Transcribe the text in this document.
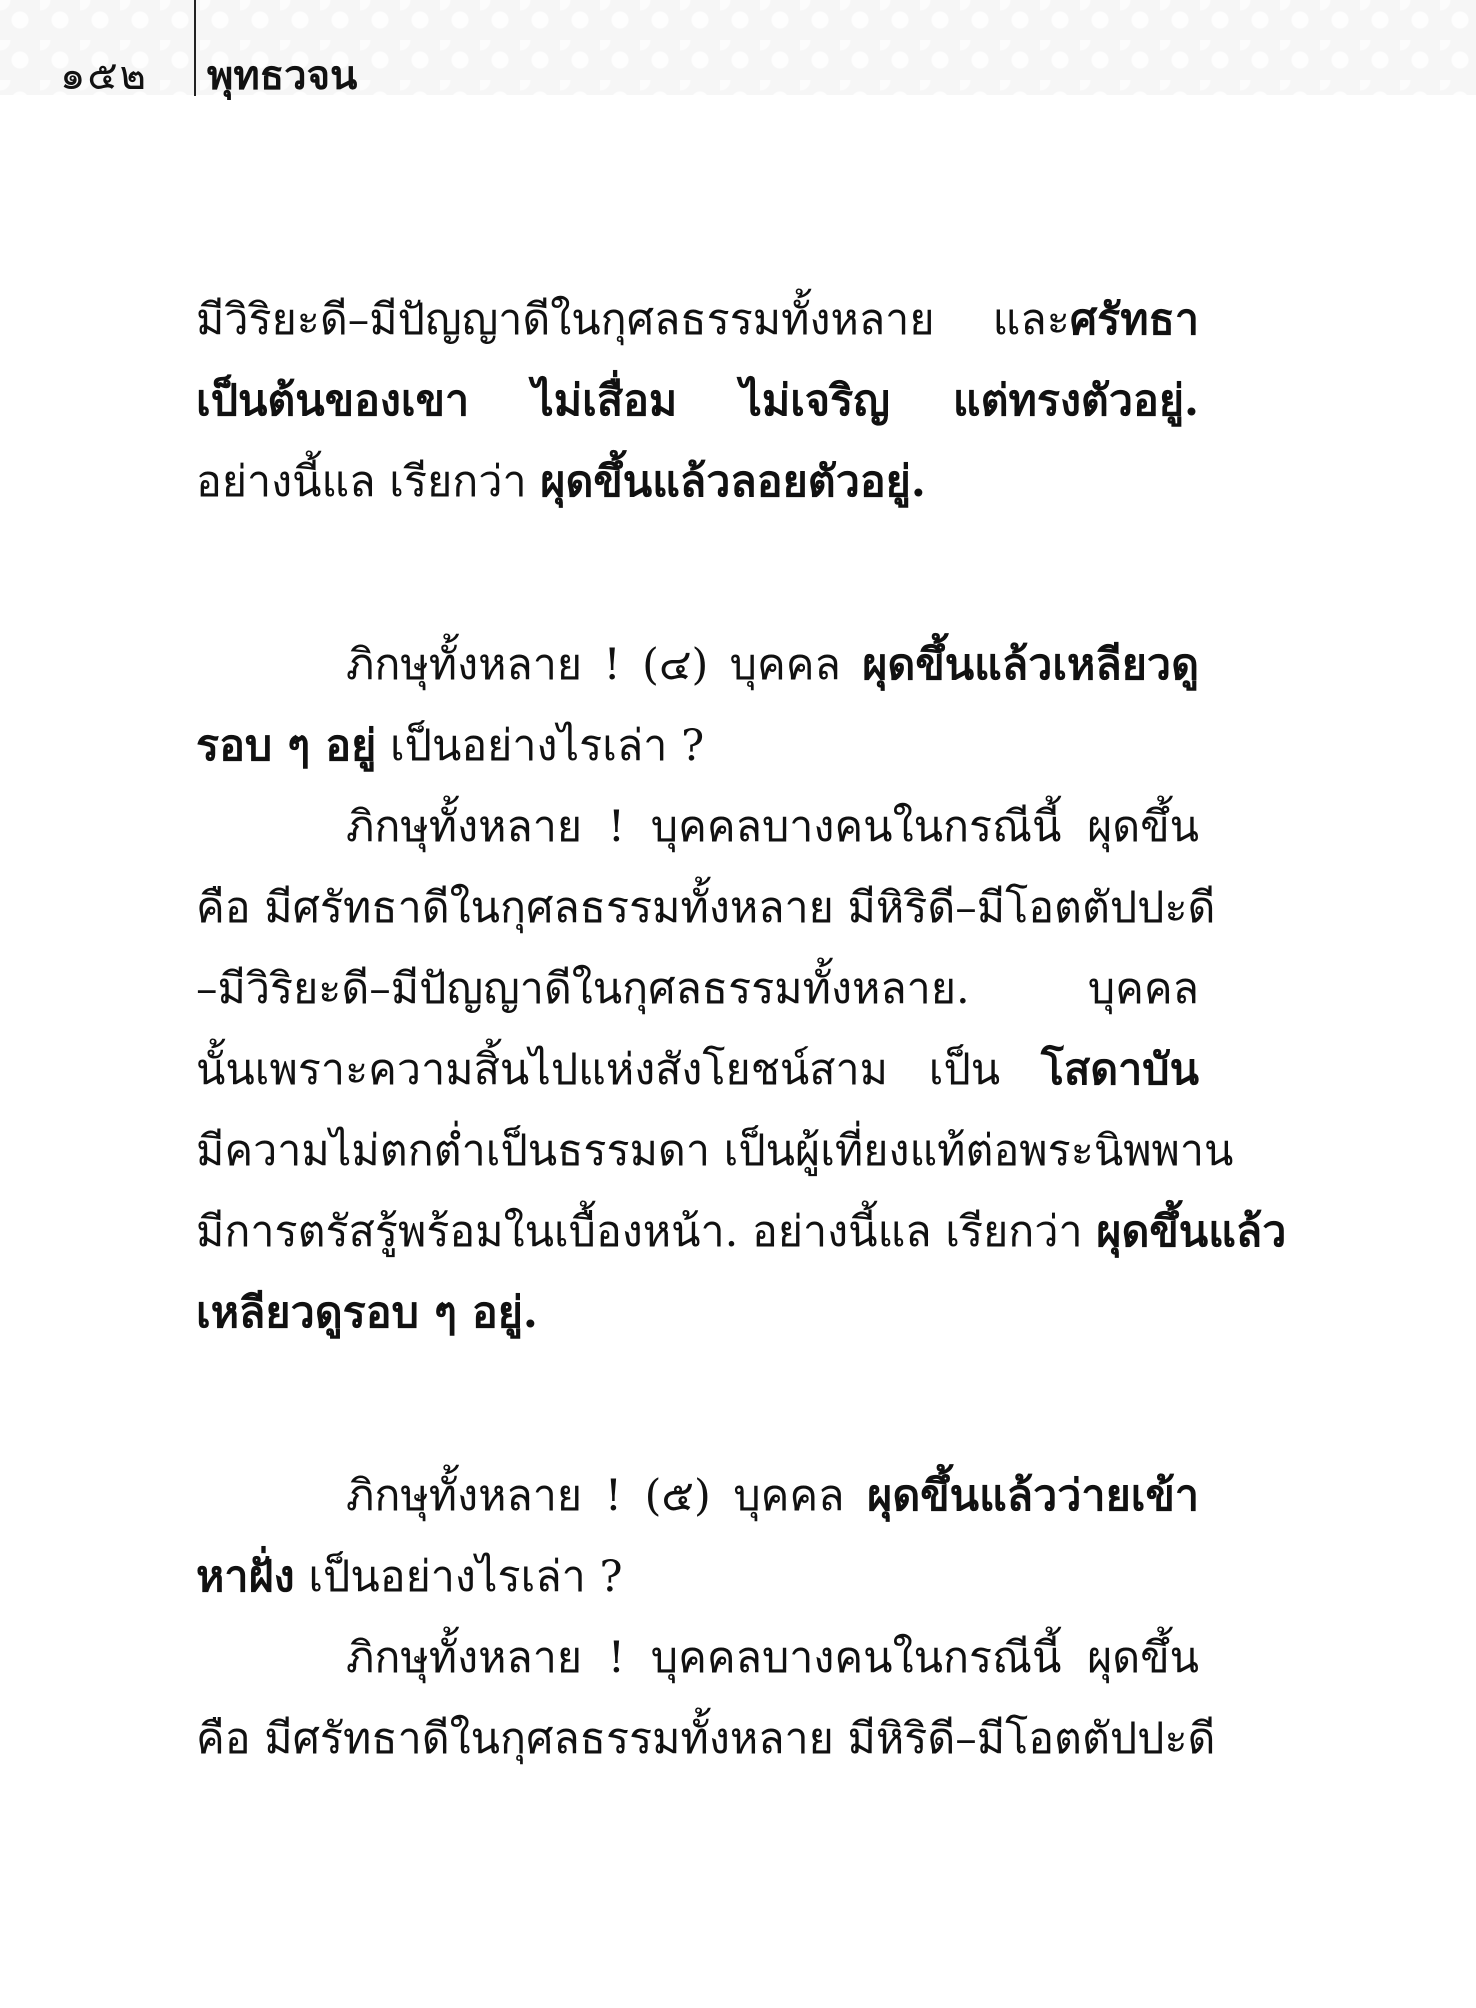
๑๕๒ พุทธวจน
มีวิริยะดี–มีปัญญาดีในกุศลธรรมทั้งหลาย และศรัทธา
เป็นต้นของเขา ไม่เสื่อม ไม่เจริญ แต่ทรงตัวอยู่.
อย่างนี้แล เรียกว่า ผุดขึ้นแล้วลอยตัวอยู่.
ภิกษุทั้งหลาย ! (๔) บุคคล ผุดขึ้นแล้วเหลียวดู
รอบ ๆ อยู่ เป็นอย่างไรเล่า ?
ภิกษุทั้งหลาย ! บุคคลบางคนในกรณีนี้ ผุดขึ้น
คือ มีศรัทธาดีในกุศลธรรมทั้งหลาย มีหิริดี–มีโอตตัปปะดี
–มีวิริยะดี–มีปัญญาดีในกุศลธรรมทั้งหลาย. บุคคล
นั้นเพราะความสิ้นไปแห่งสังโยชน์สาม เป็น โสดาบัน
มีความไม่ตกต่ำเป็นธรรมดา เป็นผู้เที่ยงแท้ต่อพระนิพพาน
มีการตรัสรู้พร้อมในเบื้องหน้า. อย่างนี้แล เรียกว่า ผุดขึ้นแล้ว
เหลียวดูรอบ ๆ อยู่.
ภิกษุทั้งหลาย ! (๕) บุคคล ผุดขึ้นแล้วว่ายเข้า
หาฝั่ง เป็นอย่างไรเล่า ?
ภิกษุทั้งหลาย ! บุคคลบางคนในกรณีนี้ ผุดขึ้น
คือ มีศรัทธาดีในกุศลธรรมทั้งหลาย มีหิริดี–มีโอตตัปปะดี
